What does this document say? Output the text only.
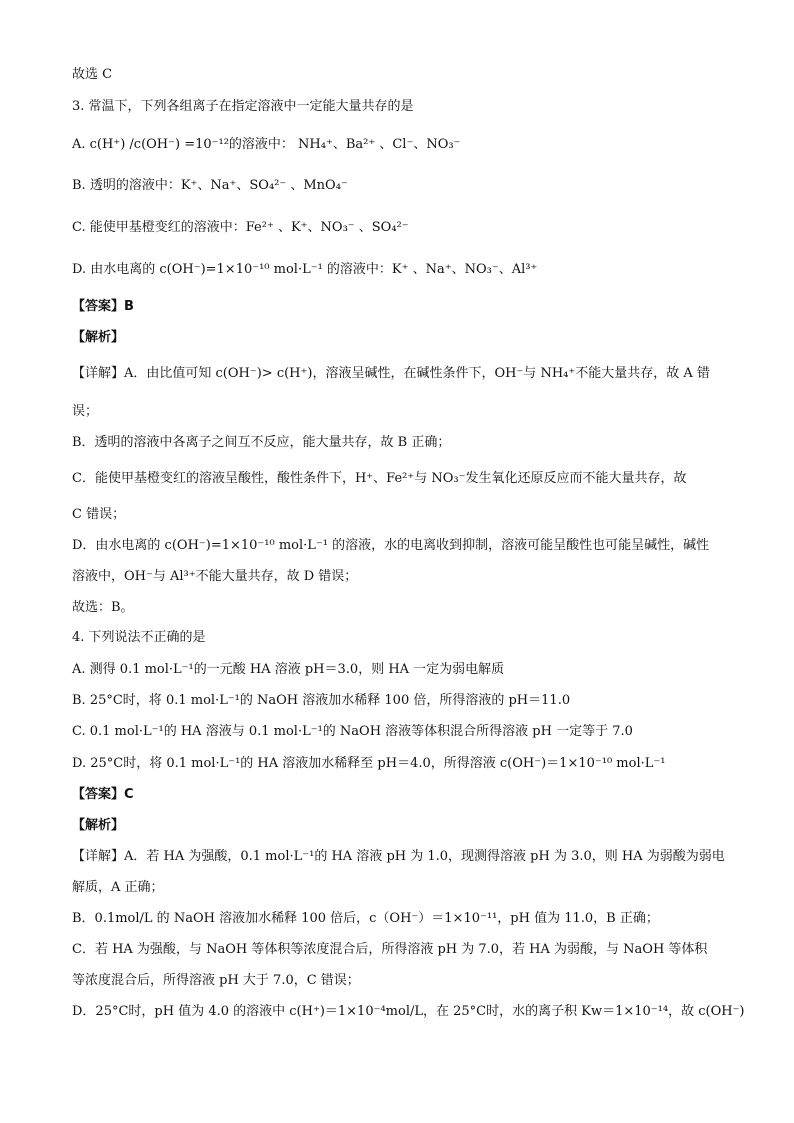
故选 C
3. 常温下，下列各组离子在指定溶液中一定能大量共存的是
A. c(H⁺) /c(OH⁻) =10⁻¹²的溶液中： NH₄⁺、Ba²⁺ 、Cl⁻、NO₃⁻
B. 透明的溶液中：K⁺、Na⁺、SO₄²⁻ 、MnO₄⁻
C. 能使甲基橙变红的溶液中：Fe²⁺ 、K⁺、NO₃⁻ 、SO₄²⁻
D. 由水电离的 c(OH⁻)=1×10⁻¹⁰ mol·L⁻¹ 的溶液中：K⁺ 、Na⁺、NO₃⁻、Al³⁺
【答案】B
【解析】
【详解】A．由比值可知 c(OH⁻)> c(H⁺)，溶液呈碱性，在碱性条件下，OH⁻与 NH₄⁺不能大量共存，故 A 错
误；
B．透明的溶液中各离子之间互不反应，能大量共存，故 B 正确；
C．能使甲基橙变红的溶液呈酸性，酸性条件下，H⁺、Fe²⁺与 NO₃⁻发生氧化还原反应而不能大量共存，故
C 错误；
D．由水电离的 c(OH⁻)=1×10⁻¹⁰ mol·L⁻¹ 的溶液，水的电离收到抑制，溶液可能呈酸性也可能呈碱性，碱性
溶液中，OH⁻与 Al³⁺不能大量共存，故 D 错误；
故选：B。
4. 下列说法不正确的是
A. 测得 0.1 mol·L⁻¹的一元酸 HA 溶液 pH＝3.0，则 HA 一定为弱电解质
B. 25°C时，将 0.1 mol·L⁻¹的 NaOH 溶液加水稀释 100 倍，所得溶液的 pH＝11.0
C. 0.1 mol·L⁻¹的 HA 溶液与 0.1 mol·L⁻¹的 NaOH 溶液等体积混合所得溶液 pH 一定等于 7.0
D. 25°C时，将 0.1 mol·L⁻¹的 HA 溶液加水稀释至 pH＝4.0，所得溶液 c(OH⁻)＝1×10⁻¹⁰ mol·L⁻¹
【答案】C
【解析】
【详解】A．若 HA 为强酸，0.1 mol·L⁻¹的 HA 溶液 pH 为 1.0，现测得溶液 pH 为 3.0，则 HA 为弱酸为弱电
解质，A 正确；
B．0.1mol/L 的 NaOH 溶液加水稀释 100 倍后，c（OH⁻）＝1×10⁻¹¹，pH 值为 11.0，B 正确；
C．若 HA 为强酸，与 NaOH 等体积等浓度混合后，所得溶液 pH 为 7.0，若 HA 为弱酸，与 NaOH 等体积
等浓度混合后，所得溶液 pH 大于 7.0，C 错误；
D．25°C时，pH 值为 4.0 的溶液中 c(H⁺)＝1×10⁻⁴mol/L，在 25°C时，水的离子积 Kw＝1×10⁻¹⁴，故 c(OH⁻)
